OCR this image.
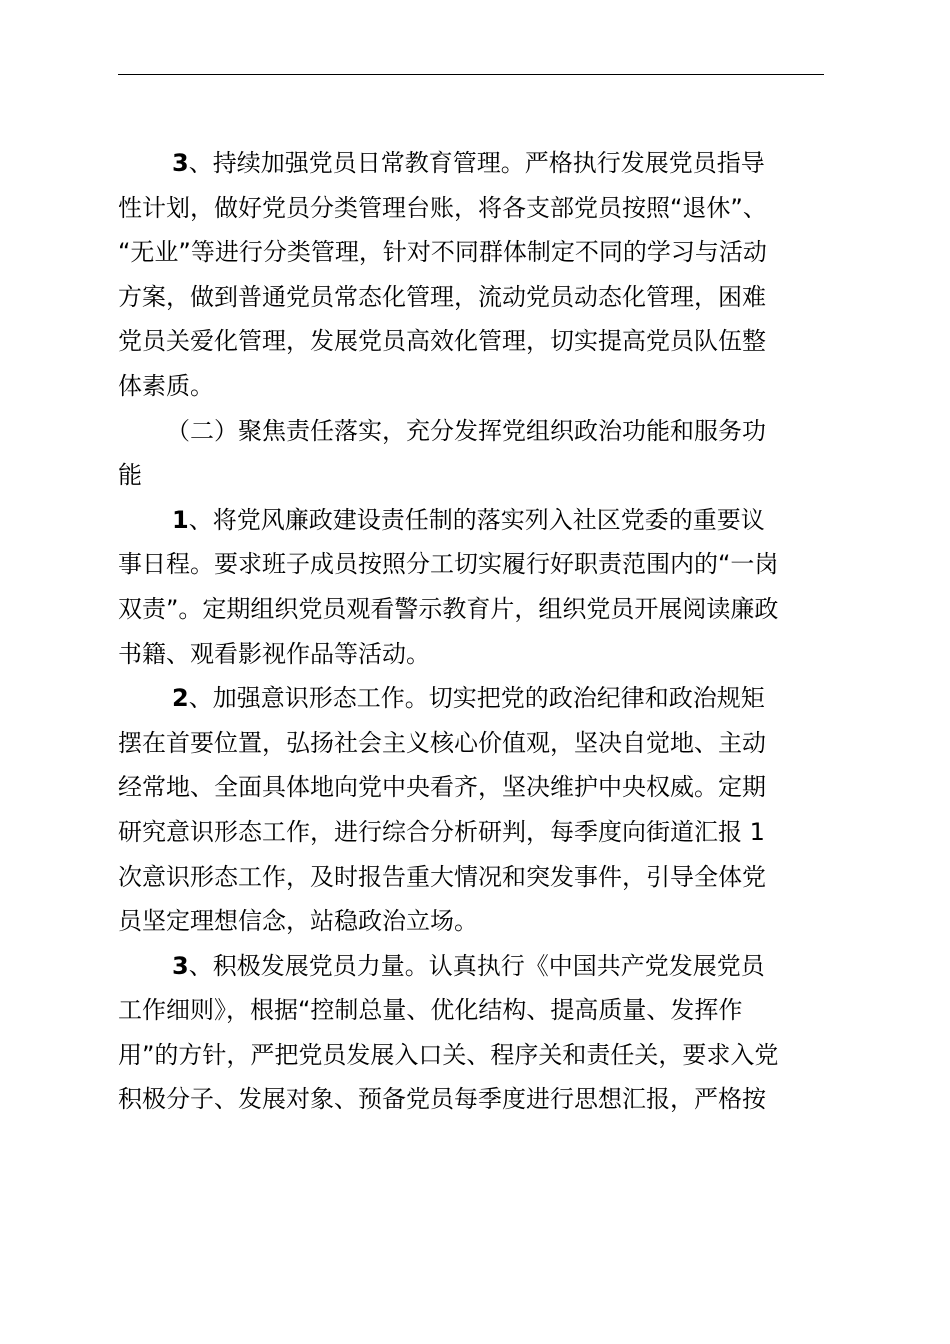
3、持续加强党员日常教育管理。严格执行发展党员指导
性计划，做好党员分类管理台账，将各支部党员按照“退休”、
“无业”等进行分类管理，针对不同群体制定不同的学习与活动
方案，做到普通党员常态化管理，流动党员动态化管理，困难
党员关爱化管理，发展党员高效化管理，切实提高党员队伍整
体素质。
（二）聚焦责任落实，充分发挥党组织政治功能和服务功
能
1、将党风廉政建设责任制的落实列入社区党委的重要议
事日程。要求班子成员按照分工切实履行好职责范围内的“一岗
双责”。定期组织党员观看警示教育片，组织党员开展阅读廉政
书籍、观看影视作品等活动。
2、加强意识形态工作。切实把党的政治纪律和政治规矩
摆在首要位置，弘扬社会主义核心价值观，坚决自觉地、主动
经常地、全面具体地向党中央看齐，坚决维护中央权威。定期
研究意识形态工作，进行综合分析研判，每季度向街道汇报 1
次意识形态工作，及时报告重大情况和突发事件，引导全体党
员坚定理想信念，站稳政治立场。
3、积极发展党员力量。认真执行《中国共产党发展党员
工作细则》，根据“控制总量、优化结构、提高质量、发挥作
用”的方针，严把党员发展入口关、程序关和责任关，要求入党
积极分子、发展对象、预备党员每季度进行思想汇报，严格按
